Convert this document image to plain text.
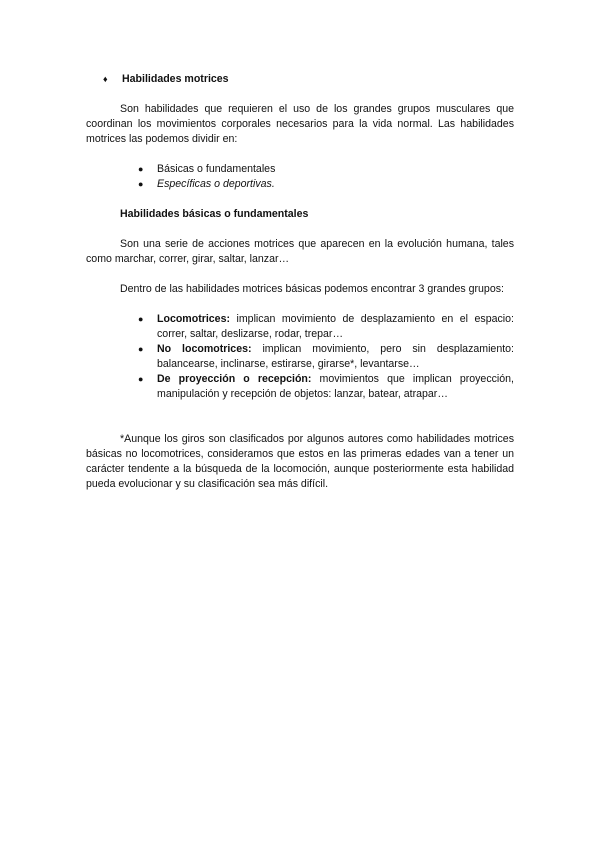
♦	Habilidades motrices

Son habilidades que requieren el uso de los grandes grupos musculares que coordinan los movimientos corporales necesarios para la vida normal. Las habilidades motrices las podemos dividir en:

● Básicas o fundamentales
● Específicas o deportivas.
Habilidades básicas o fundamentales

Son una serie de acciones motrices que aparecen en la evolución humana, tales como marchar, correr, girar, saltar, lanzar…

Dentro de las habilidades motrices básicas podemos encontrar 3 grandes grupos:

● Locomotrices: implican movimiento de desplazamiento en el espacio: correr, saltar, deslizarse, rodar, trepar…
● No locomotrices: implican movimiento, pero sin desplazamiento: balancearse, inclinarse, estirarse, girarse*, levantarse…
● De proyección o recepción: movimientos que implican proyección, manipulación y recepción de objetos: lanzar, batear, atrapar…

*Aunque los giros son clasificados por algunos autores como habilidades motrices básicas no locomotrices, consideramos que estos en las primeras edades van a tener un carácter tendente a la búsqueda de la locomoción, aunque posteriormente esta habilidad pueda evolucionar y su clasificación sea más difícil.
